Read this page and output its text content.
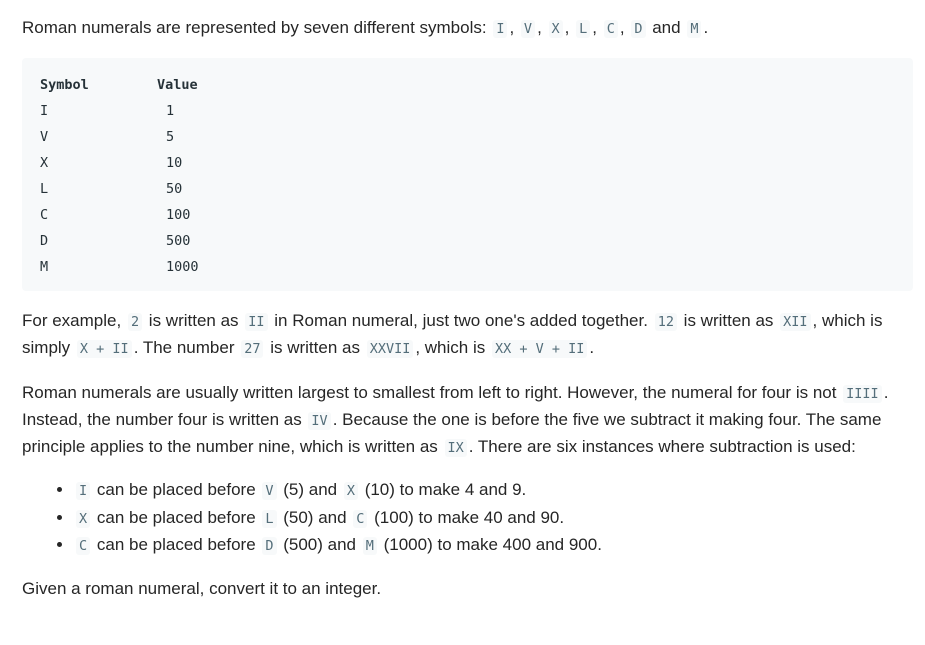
Roman numerals are represented by seven different symbols: I , V , X , L , C , D and M .

Symbol
I
V
X
L
C
D
M
Value
1
5
10
50
100
500
1000

For example, 2 is written as II in Roman numeral, just two one's added together. 12 is written as XII , which is simply X + II . The number 27 is written as XXVII , which is XX + V + II .

Roman numerals are usually written largest to smallest from left to right. However, the numeral for four is not IIII . Instead, the number four is written as IV . Because the one is before the five we subtract it making four. The same principle applies to the number nine, which is written as IX . There are six instances where subtraction is used:

• I can be placed before V (5) and X (10) to make 4 and 9.
• X can be placed before L (50) and C (100) to make 40 and 90.
• C can be placed before D (500) and M (1000) to make 400 and 900.

Given a roman numeral, convert it to an integer.
